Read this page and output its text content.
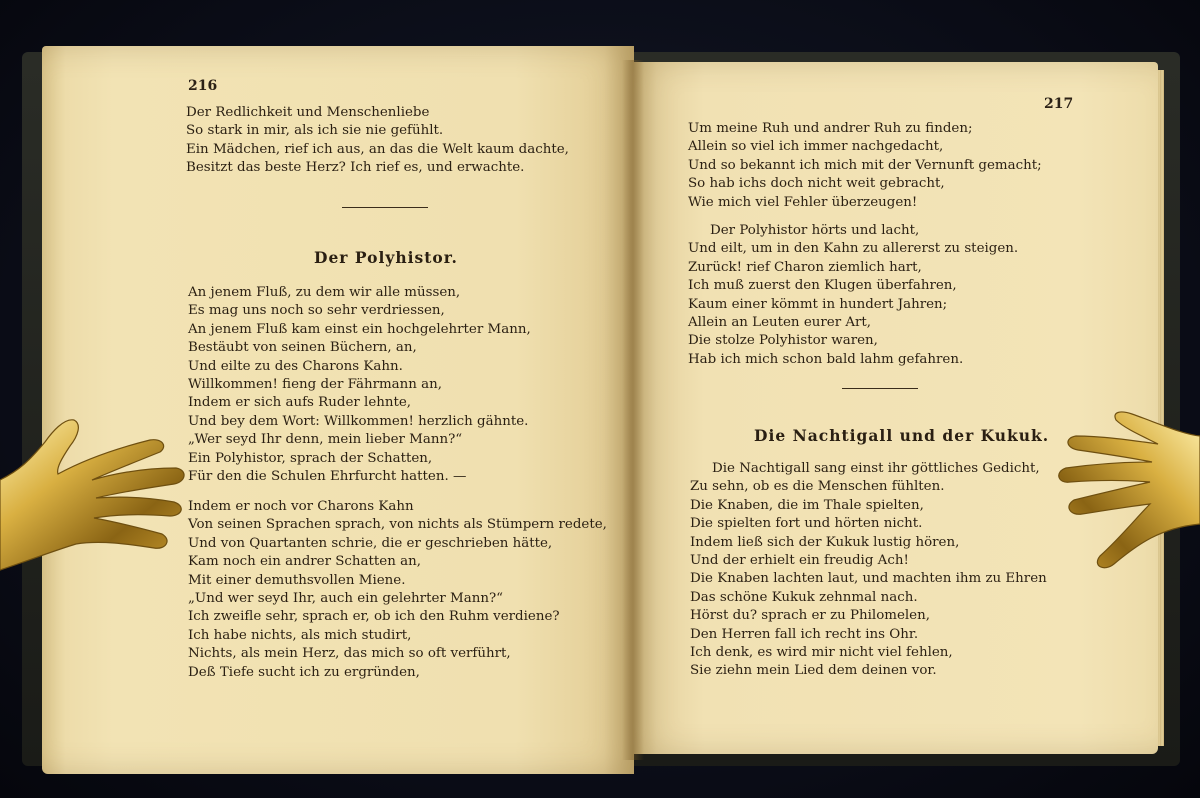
216
Der Redlichkeit und Menschenliebe
So stark in mir, als ich sie nie gefühlt.
Ein Mädchen, rief ich aus, an das die Welt kaum dachte,
Besitzt das beste Herz? Ich rief es, und erwachte.
Der Polyhistor.
An jenem Fluß, zu dem wir alle müssen,
Es mag uns noch so sehr verdriessen,
An jenem Fluß kam einst ein hochgelehrter Mann,
Bestäubt von seinen Büchern, an,
Und eilte zu des Charons Kahn.
Willkommen! fieng der Fährmann an,
Indem er sich aufs Ruder lehnte,
Und bey dem Wort: Willkommen! herzlich gähnte.
„Wer seyd Ihr denn, mein lieber Mann?“
Ein Polyhistor, sprach der Schatten,
Für den die Schulen Ehrfurcht hatten. —
Indem er noch vor Charons Kahn
Von seinen Sprachen sprach, von nichts als Stümpern redete,
Und von Quartanten schrie, die er geschrieben hätte,
Kam noch ein andrer Schatten an,
Mit einer demuthsvollen Miene.
„Und wer seyd Ihr, auch ein gelehrter Mann?“
Ich zweifle sehr, sprach er, ob ich den Ruhm verdiene?
Ich habe nichts, als mich studirt,
Nichts, als mein Herz, das mich so oft verführt,
Deß Tiefe sucht ich zu ergründen,
217
Um meine Ruh und andrer Ruh zu finden;
Allein so viel ich immer nachgedacht,
Und so bekannt ich mich mit der Vernunft gemacht;
So hab ichs doch nicht weit gebracht,
Wie mich viel Fehler überzeugen!
Der Polyhistor hörts und lacht,
Und eilt, um in den Kahn zu allererst zu steigen.
Zurück! rief Charon ziemlich hart,
Ich muß zuerst den Klugen überfahren,
Kaum einer kömmt in hundert Jahren;
Allein an Leuten eurer Art,
Die stolze Polyhistor waren,
Hab ich mich schon bald lahm gefahren.
Die Nachtigall und der Kukuk.
Die Nachtigall sang einst ihr göttliches Gedicht,
Zu sehn, ob es die Menschen fühlten.
Die Knaben, die im Thale spielten,
Die spielten fort und hörten nicht.
Indem ließ sich der Kukuk lustig hören,
Und der erhielt ein freudig Ach!
Die Knaben lachten laut, und machten ihm zu Ehren
Das schöne Kukuk zehnmal nach.
Hörst du? sprach er zu Philomelen,
Den Herren fall ich recht ins Ohr.
Ich denk, es wird mir nicht viel fehlen,
Sie ziehn mein Lied dem deinen vor.
